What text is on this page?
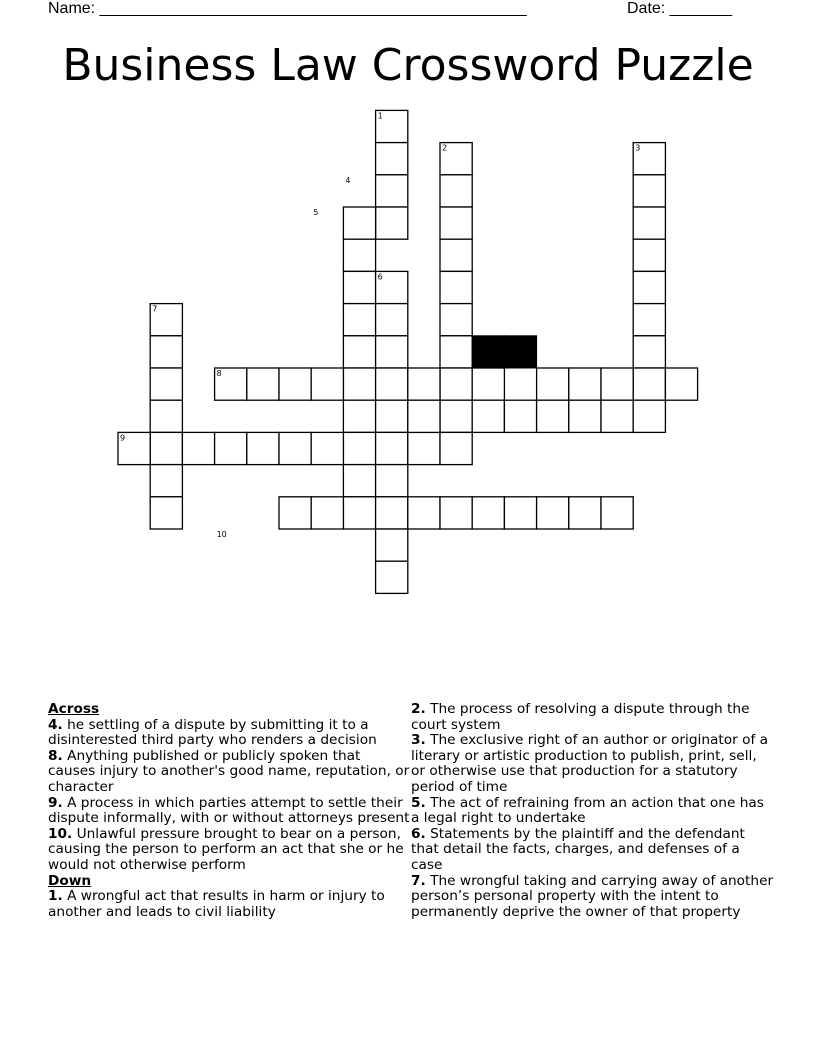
Name: ________________________________________________	Date: _______
Business Law Crossword Puzzle
1
2	3
4
5
6
7
8
9
10
Across
4. he settling of a dispute by submitting it to a disinterested third party who renders a decision
8. Anything published or publicly spoken that causes injury to another's good name, reputation, or character
9. A process in which parties attempt to settle their dispute informally, with or without attorneys present
10. Unlawful pressure brought to bear on a person, causing the person to perform an act that she or he would not otherwise perform
Down
1. A wrongful act that results in harm or injury to another and leads to civil liability
2. The process of resolving a dispute through the court system
3. The exclusive right of an author or originator of a literary or artistic production to publish, print, sell, or otherwise use that production for a statutory period of time
5. The act of refraining from an action that one has a legal right to undertake
6. Statements by the plaintiff and the defendant that detail the facts, charges, and defenses of a case
7. The wrongful taking and carrying away of another person’s personal property with the intent to permanently deprive the owner of that property
